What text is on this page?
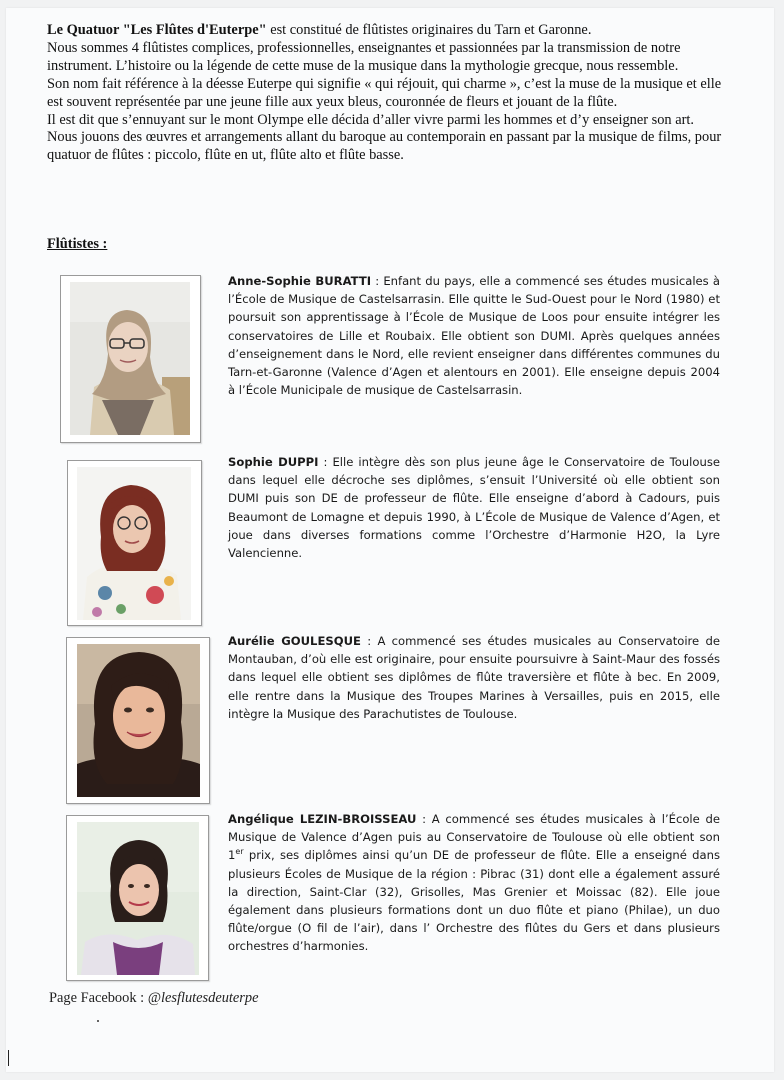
Le Quatuor "Les Flûtes d'Euterpe" est constitué de flûtistes originaires du Tarn et Garonne.

Nous sommes 4 flûtistes complices, professionnelles, enseignantes et passionnées par la transmission de notre instrument. L’histoire ou la légende de cette muse de la musique dans la mythologie grecque, nous ressemble.

Son nom fait référence à la déesse Euterpe qui signifie « qui réjouit, qui charme », c’est la muse de la musique et elle est souvent représentée par une jeune fille aux yeux bleus, couronnée de fleurs et jouant de la flûte.

Il est dit que s’ennuyant sur le mont Olympe elle décida d’aller vivre parmi les hommes et d’y enseigner son art.

Nous jouons des œuvres et arrangements allant du baroque au contemporain en passant par la musique de films, pour quatuor de flûtes : piccolo, flûte en ut, flûte alto et flûte basse.

Flûtistes :

Anne-Sophie BURATTI : Enfant du pays, elle a commencé ses études musicales à l’École de Musique de Castelsarrasin. Elle quitte le Sud-Ouest pour le Nord (1980) et poursuit son apprentissage à l’École de Musique de Loos pour ensuite intégrer les conservatoires de Lille et Roubaix. Elle obtient son DUMI. Après quelques années d’enseignement dans le Nord, elle revient enseigner dans différentes communes du Tarn-et-Garonne (Valence d’Agen et alentours en 2001). Elle enseigne depuis 2004 à l’École Municipale de musique de Castelsarrasin.

Sophie DUPPI : Elle intègre dès son plus jeune âge le Conservatoire de Toulouse dans lequel elle décroche ses diplômes, s’ensuit l’Université où elle obtient son DUMI puis son DE de professeur de flûte. Elle enseigne d’abord à Cadours, puis Beaumont de Lomagne et depuis 1990, à L’École de Musique de Valence d’Agen, et joue dans diverses formations comme l’Orchestre d’Harmonie H2O, la Lyre Valencienne.

Aurélie GOULESQUE : A commencé ses études musicales au Conservatoire de Montauban, d’où elle est originaire, pour ensuite poursuivre à Saint-Maur des fossés dans lequel elle obtient ses diplômes de flûte traversière et flûte à bec. En 2009, elle rentre dans la Musique des Troupes Marines à Versailles, puis en 2015, elle intègre la Musique des Parachutistes de Toulouse.

Angélique LEZIN-BROISSEAU : A commencé ses études musicales à l’École de Musique de Valence d’Agen puis au Conservatoire de Toulouse où elle obtient son 1er prix, ses diplômes ainsi qu’un DE de professeur de flûte. Elle a enseigné dans plusieurs Écoles de Musique de la région : Pibrac (31) dont elle a également assuré la direction, Saint-Clar (32), Grisolles, Mas Grenier et Moissac (82). Elle joue également dans plusieurs formations dont un duo flûte et piano (Philae), un duo flûte/orgue (O fil de l’air), dans l’ Orchestre des flûtes du Gers et dans plusieurs orchestres d’harmonies.

Page Facebook : @lesflutesdeuterpe
